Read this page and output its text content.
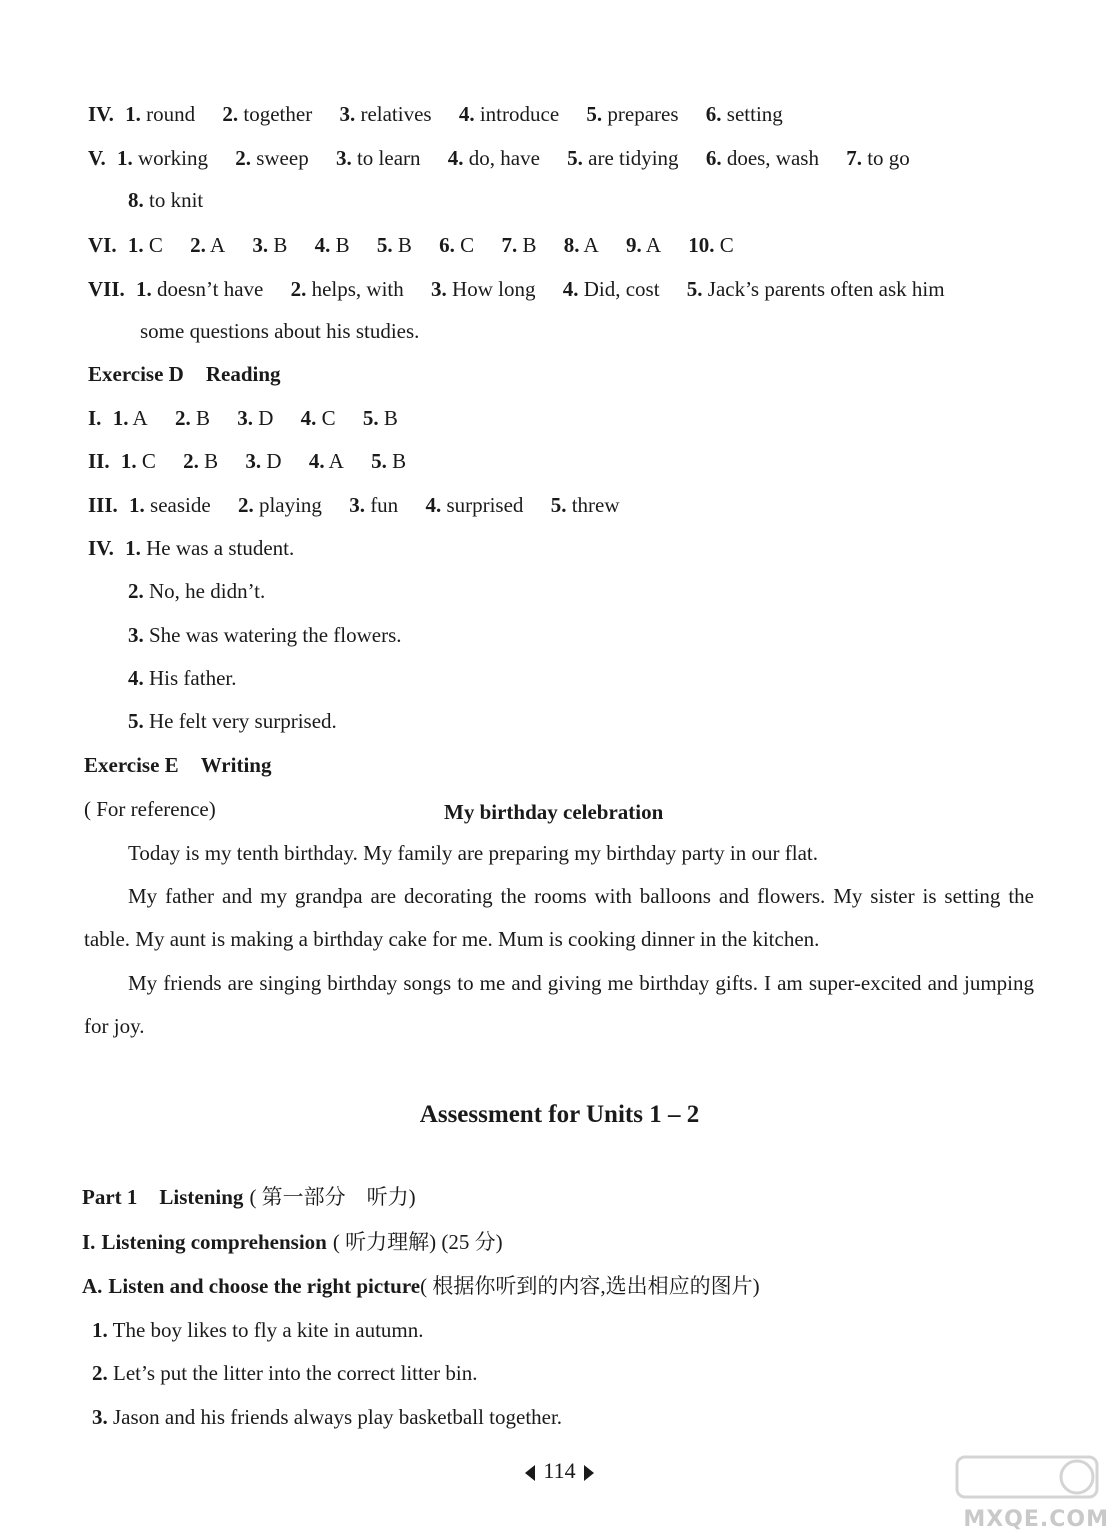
IV. 1. round 2. together 3. relatives 4. introduce 5. prepares 6. setting
V. 1. working 2. sweep 3. to learn 4. do, have 5. are tidying 6. does, wash 7. to go
8. to knit
VI. 1. C 2. A 3. B 4. B 5. B 6. C 7. B 8. A 9. A 10. C
VII. 1. doesn’t have 2. helps, with 3. How long 4. Did, cost 5. Jack’s parents often ask him
some questions about his studies.
Exercise D Reading
I. 1. A 2. B 3. D 4. C 5. B
II. 1. C 2. B 3. D 4. A 5. B
III. 1. seaside 2. playing 3. fun 4. surprised 5. threw
IV. 1. He was a student.
2. No, he didn’t.
3. She was watering the flowers.
4. His father.
5. He felt very surprised.
Exercise E Writing
( For reference)	My birthday celebration
Today is my tenth birthday. My family are preparing my birthday party in our flat.
My father and my grandpa are decorating the rooms with balloons and flowers. My sister is setting the table. My aunt is making a birthday cake for me. Mum is cooking dinner in the kitchen.
My friends are singing birthday songs to me and giving me birthday gifts. I am super-excited and jumping for joy.
Assessment for Units 1 – 2
Part 1 Listening ( 第一部分　听力)
I. Listening comprehension ( 听力理解) (25 分)
A. Listen and choose the right picture( 根据你听到的内容,选出相应的图片)
1. The boy likes to fly a kite in autumn.
2. Let’s put the litter into the correct litter bin.
3. Jason and his friends always play basketball together.
114
MXQE.COM
